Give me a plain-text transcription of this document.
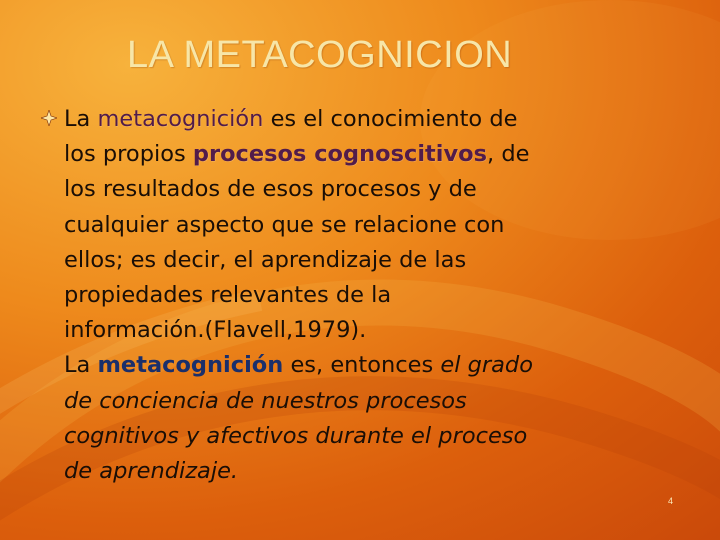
LA METACOGNICION
La metacognición es el conocimiento de
los propios procesos cognoscitivos, de
los resultados de esos procesos y de
cualquier aspecto que se relacione con
ellos; es decir, el aprendizaje de las
propiedades relevantes de la
información.(Flavell,1979).
La metacognición es, entonces el grado
de conciencia de nuestros procesos
cognitivos y afectivos durante el proceso
de aprendizaje.
4
